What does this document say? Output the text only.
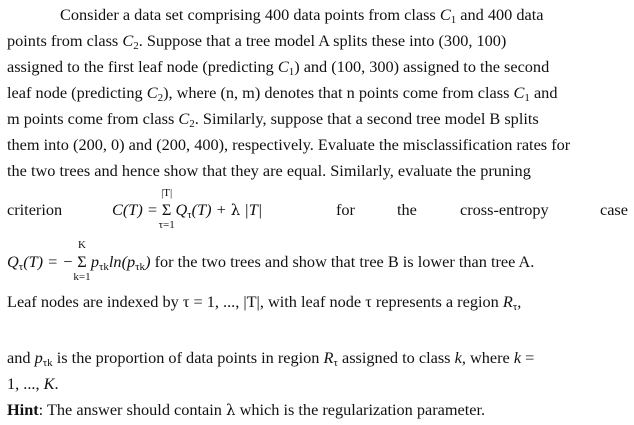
Consider a data set comprising 400 data points from class $C_1$ and 400 data
points from class $C_2$. Suppose that a tree model A splits these into (300, 100)
assigned to the first leaf node (predicting $C_1$) and (100, 300) assigned to the second
leaf node (predicting $C_2$), where (n, m) denotes that n points come from class $C_1$ and
m points come from class $C_2$. Similarly, suppose that a second tree model B splits
them into (200, 0) and (200, 400), respectively. Evaluate the misclassification rates for
the two trees and hence show that they are equal. Similarly, evaluate the pruning
criterion	C(T) =
|T|
Σ
τ=1
$Q_\tau(T) + \lambda$ |T|	for	the	cross-entropy	case
$Q_\tau(T)$ = −
K
Σ
k=1
$p_{\tau k}\ln(p_{\tau k})$ for the two trees and show that tree B is lower than tree A.
Leaf nodes are indexed by τ = 1, ..., |T|, with leaf node τ represents a region $R_\tau$,
and $p_{\tau k}$ is the proportion of data points in region $R_\tau$ assigned to class k, where k =
1, ..., K.
Hint: The answer should contain λ which is the regularization parameter.
